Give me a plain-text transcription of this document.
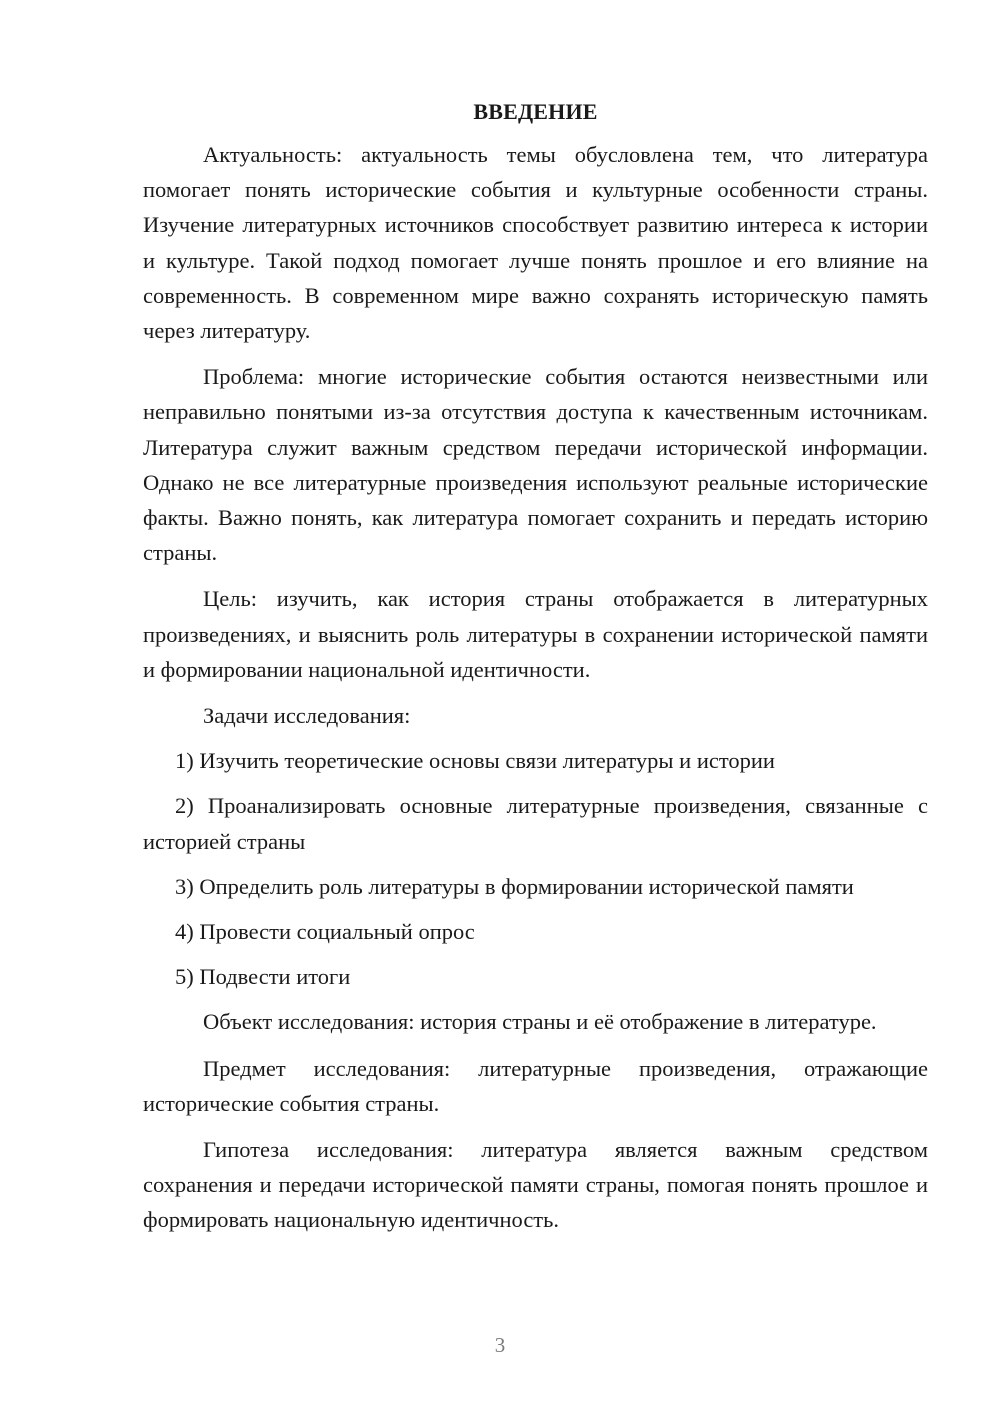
ВВЕДЕНИЕ

Актуальность: актуальность темы обусловлена тем, что литература помогает понять исторические события и культурные особенности страны. Изучение литературных источников способствует развитию интереса к истории и культуре. Такой подход помогает лучше понять прошлое и его влияние на современность. В современном мире важно сохранять историческую память через литературу.

Проблема: многие исторические события остаются неизвестными или неправильно понятыми из-за отсутствия доступа к качественным источникам. Литература служит важным средством передачи исторической информации. Однако не все литературные произведения используют реальные исторические факты. Важно понять, как литература помогает сохранить и передать историю страны.

Цель: изучить, как история страны отображается в литературных произведениях, и выяснить роль литературы в сохранении исторической памяти и формировании национальной идентичности.

Задачи исследования:

1) Изучить теоретические основы связи литературы и истории

2) Проанализировать основные литературные произведения, связанные с историей страны

3) Определить роль литературы в формировании исторической памяти

4) Провести социальный опрос

5) Подвести итоги

Объект исследования: история страны и её отображение в литературе.

Предмет исследования: литературные произведения, отражающие исторические события страны.

Гипотеза исследования: литература является важным средством сохранения и передачи исторической памяти страны, помогая понять прошлое и формировать национальную идентичность.

3
